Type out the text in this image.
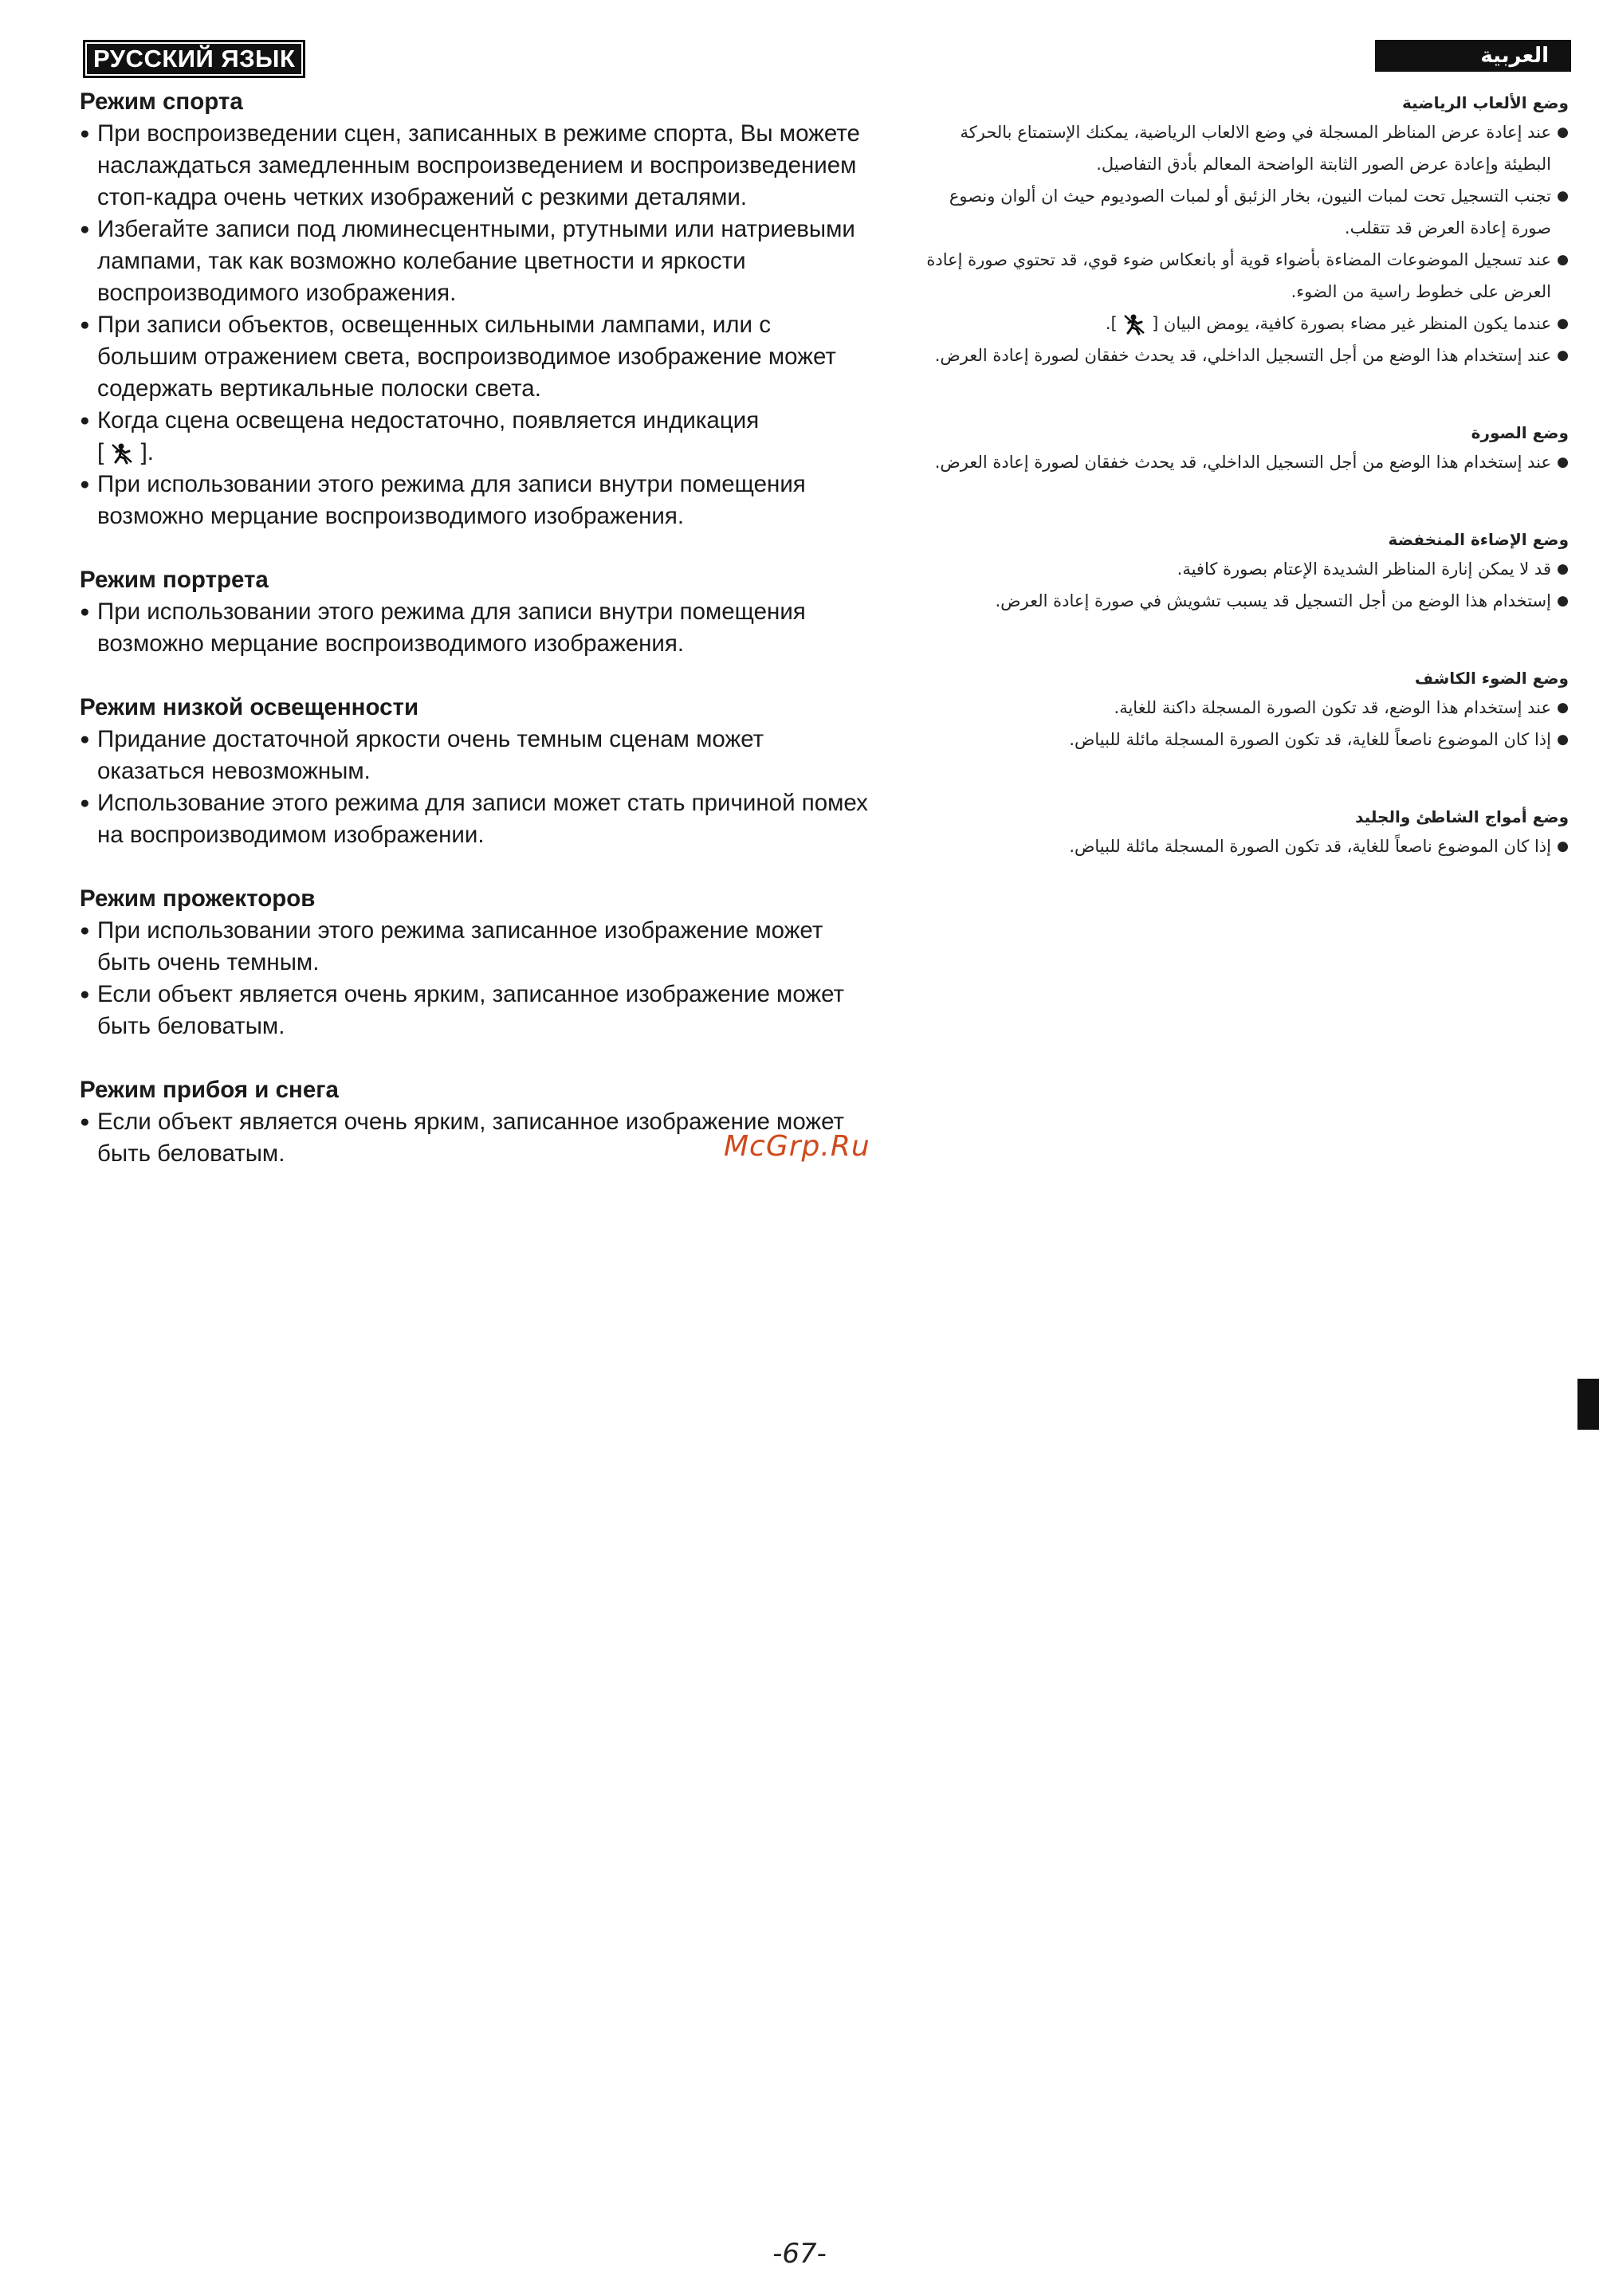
РУССКИЙ ЯЗЫК	العربية
Режим спорта
● При воспроизведении сцен, записанных в режиме спорта, Вы можете наслаждаться замедленным воспроизведением и воспроизведением стоп-кадра очень четких изображений с резкими деталями.
● Избегайте записи под люминесцентными, ртутными или натриевыми лампами, так как возможно колебание цветности и яркости воспроизводимого изображения.
● При записи объектов, освещенных сильными лампами, или с большим отражением света, воспроизводимое изображение может содержать вертикальные полоски света.
● Когда сцена освещена недостаточно, появляется индикация
[ ].
● При использовании этого режима для записи внутри помещения возможно мерцание воспроизводимого изображения.
Режим портрета
● При использовании этого режима для записи внутри помещения возможно мерцание воспроизводимого изображения.
Режим низкой освещенности
● Придание достаточной яркости очень темным сценам может оказаться невозможным.
● Использование этого режима для записи может стать причиной помех на воспроизводимом изображении.
Режим прожекторов
● При использовании этого режима записанное изображение может быть очень темным.
● Если объект является очень ярким, записанное изображение может быть беловатым.
Режим прибоя и снега
● Если объект является очень ярким, записанное изображение может быть беловатым.
وضع الألعاب الرياضية
● عند إعادة عرض المناظر المسجلة في وضع الالعاب الرياضية، يمكنك الإستمتاع بالحركة البطيئة وإعادة عرض الصور الثابتة الواضحة المعالم بأدق التفاصيل.
● تجنب التسجيل تحت لمبات النيون، بخار الزئبق أو لمبات الصوديوم حيث ان ألوان ونصوع صورة إعادة العرض قد تتقلب.
● عند تسجيل الموضوعات المضاءة بأضواء قوية أو بانعكاس ضوء قوي، قد تحتوي صورة إعادة العرض على خطوط راسية من الضوء.
● عندما يكون المنظر غير مضاء بصورة كافية، يومض البيان [  ].
● عند إستخدام هذا الوضع من أجل التسجيل الداخلي، قد يحدث خفقان لصورة إعادة العرض.
وضع الصورة
● عند إستخدام هذا الوضع من أجل التسجيل الداخلي، قد يحدث خفقان لصورة إعادة العرض.
وضع الإضاءة المنخفضة
● قد لا يمكن إنارة المناظر الشديدة الإعتام بصورة كافية.
● إستخدام هذا الوضع من أجل التسجيل قد يسبب تشويش في صورة إعادة العرض.
وضع الضوء الكاشف
● عند إستخدام هذا الوضع، قد تكون الصورة المسجلة داكنة للغاية.
● إذا كان الموضوع ناصعاً للغاية، قد تكون الصورة المسجلة مائلة للبياض.
وضع أمواج الشاطئ والجليد
● إذا كان الموضوع ناصعاً للغاية، قد تكون الصورة المسجلة مائلة للبياض.
McGrp.Ru
-67-
